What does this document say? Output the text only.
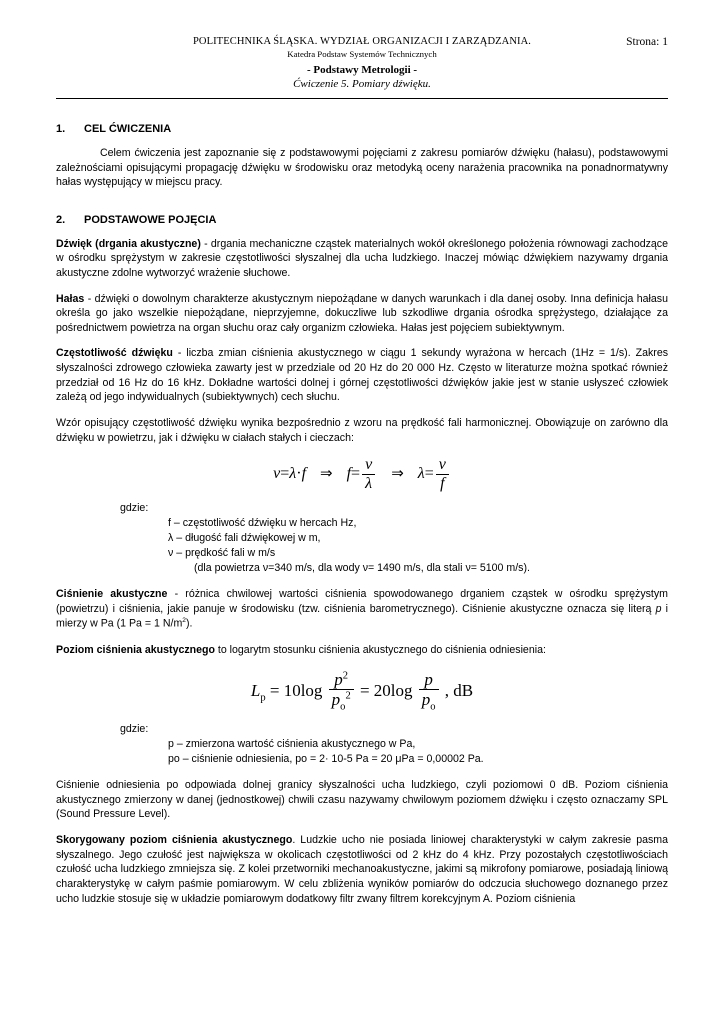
Strona: 1
POLITECHNIKA ŚLĄSKA. WYDZIAŁ ORGANIZACJI I ZARZĄDZANIA.
Katedra Podstaw Systemów Technicznych
- Podstawy Metrologii -
Ćwiczenie 5. Pomiary dźwięku.
1. CEL ĆWICZENIA

Celem ćwiczenia jest zapoznanie się z podstawowymi pojęciami z zakresu pomiarów dźwięku (hałasu), podstawowymi zależnościami opisującymi propagację dźwięku w środowisku oraz metodyką oceny narażenia pracownika na ponadnormatywny hałas występujący w miejscu pracy.

2. PODSTAWOWE POJĘCIA

Dźwięk (drgania akustyczne) - drgania mechaniczne cząstek materialnych wokół określonego położenia równowagi zachodzące w ośrodku sprężystym w zakresie częstotliwości słyszalnej dla ucha ludzkiego. Inaczej mówiąc dźwiękiem nazywamy drgania akustyczne zdolne wytworzyć wrażenie słuchowe.

Hałas - dźwięki o dowolnym charakterze akustycznym niepożądane w danych warunkach i dla danej osoby. Inna definicja hałasu określa go jako wszelkie niepożądane, nieprzyjemne, dokuczliwe lub szkodliwe drgania ośrodka sprężystego, działające za pośrednictwem powietrza na organ słuchu oraz cały organizm człowieka. Hałas jest pojęciem subiektywnym.

Częstotliwość dźwięku - liczba zmian ciśnienia akustycznego w ciągu 1 sekundy wyrażona w hercach (1Hz = 1/s). Zakres słyszalności zdrowego człowieka zawarty jest w przedziale od 20 Hz do 20 000 Hz. Często w literaturze można spotkać również przedział od 16 Hz do 16 kHz. Dokładne wartości dolnej i górnej częstotliwości dźwięków jakie jest w stanie usłyszeć człowiek zależą od jego indywidualnych (subiektywnych) cech słuchu.

Wzór opisujący częstotliwość dźwięku wynika bezpośrednio z wzoru na prędkość fali harmonicznej. Obowiązuje on zarówno dla dźwięku w powietrzu, jak i dźwięku w ciałach stałych i cieczach:

v=λ·f ⇒ $f= \frac{v}{\lambda}$ ⇒ $\lambda= \frac{v}{f}$
gdzie:
f – częstotliwość dźwięku w hercach Hz,
λ – długość fali dźwiękowej w m,
ν – prędkość fali w m/s
(dla powietrza ν=340 m/s, dla wody ν= 1490 m/s, dla stali ν= 5100 m/s).

Ciśnienie akustyczne - różnica chwilowej wartości ciśnienia spowodowanego drganiem cząstek w ośrodku sprężystym (powietrzu) i ciśnienia, jakie panuje w środowisku (tzw. ciśnienia barometrycznego). Ciśnienie akustyczne oznacza się literą p i mierzy w Pa (1 Pa = 1 $N/m^2$).

Poziom ciśnienia akustycznego to logarytm stosunku ciśnienia akustycznego do ciśnienia odniesienia:

$L_p = 10\log \frac{p^2}{p_o^2} = 20\log \frac{p}{p_o}$ , dB
gdzie:
p – zmierzona wartość ciśnienia akustycznego w Pa,
po – ciśnienie odniesienia, po = 2· 10-5 Pa = 20 μPa = 0,00002 Pa.

Ciśnienie odniesienia po odpowiada dolnej granicy słyszalności ucha ludzkiego, czyli poziomowi 0 dB. Poziom ciśnienia akustycznego zmierzony w danej (jednostkowej) chwili czasu nazywamy chwilowym poziomem dźwięku i często oznaczamy SPL (Sound Pressure Level).

Skorygowany poziom ciśnienia akustycznego. Ludzkie ucho nie posiada liniowej charakterystyki w całym zakresie pasma słyszalnego. Jego czułość jest największa w okolicach częstotliwości od 2 kHz do 4 kHz. Przy pozostałych częstotliwościach czułość ucha ludzkiego zmniejsza się. Z kolei przetworniki mechanoakustyczne, jakimi są mikrofony pomiarowe, posiadają liniową charakterystykę w całym paśmie pomiarowym. W celu zbliżenia wyników pomiarów do odczucia słuchowego doznanego przez ucho ludzkie stosuje się w układzie pomiarowym dodatkowy filtr zwany filtrem korekcyjnym A. Poziom ciśnienia
